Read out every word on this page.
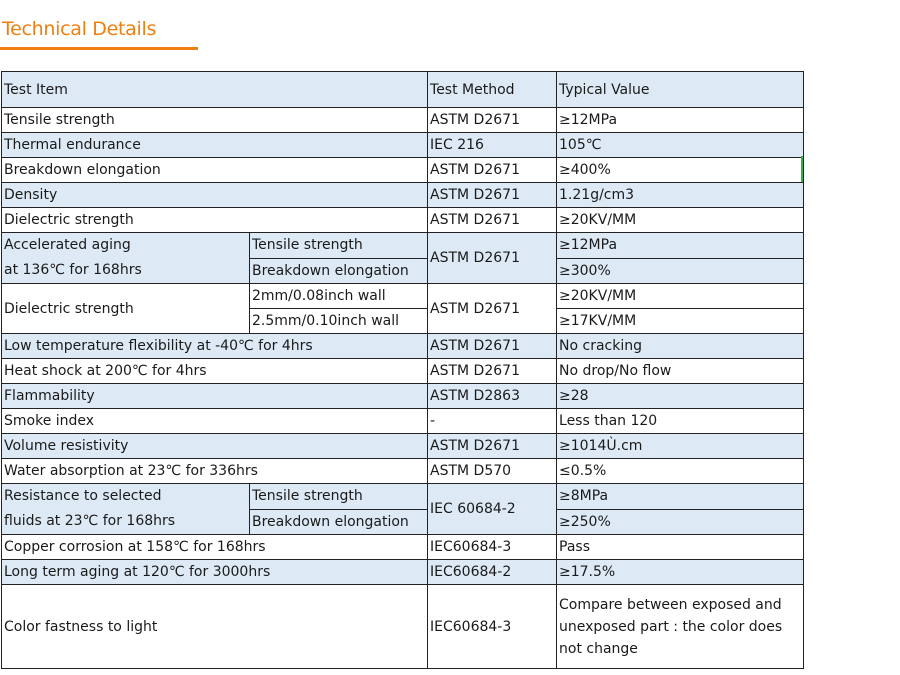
Technical Details
Test Item		Test Method	Typical Value
Tensile strength		ASTM D2671	≥12MPa
Thermal endurance		IEC 216	105℃
Breakdown elongation		ASTM D2671	≥400%
Density		ASTM D2671	1.21g/cm3
Dielectric strength		ASTM D2671	≥20KV/MM
Accelerated aging
at 136℃ for 168hrs	Tensile strength	ASTM D2671	≥12MPa
	Breakdown elongation		≥300%
Dielectric strength	2mm/0.08inch wall	ASTM D2671	≥20KV/MM
	2.5mm/0.10inch wall		≥17KV/MM
Low temperature flexibility at -40℃ for 4hrs		ASTM D2671	No cracking
Heat shock at 200℃ for 4hrs		ASTM D2671	No drop/No flow
Flammability		ASTM D2863	≥28
Smoke index		-	Less than 120
Volume resistivity		ASTM D2671	≥1014Ù.cm
Water absorption at 23℃ for 336hrs		ASTM D570	≤0.5%
Resistance to selected
fluids at 23℃ for 168hrs	Tensile strength	IEC 60684-2	≥8MPa
	Breakdown elongation		≥250%
Copper corrosion at 158℃ for 168hrs		IEC60684-3	Pass
Long term aging at 120℃ for 3000hrs		IEC60684-2	≥17.5%
Color fastness to light		IEC60684-3	Compare between exposed and unexposed part : the color does not change
